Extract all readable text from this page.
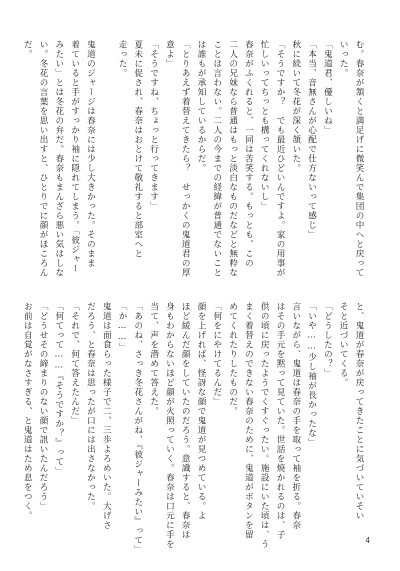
む。春奈が頷くと満足げに微笑んで集団の中へと戻って
いった。
「鬼道君、優しいね」
「本当、音無さんが心配で仕方ないって感じ」
秋に続いて冬花が深く頷いた。
「そうですか？　でも最近ひどいんですよ。家の用事が
忙しいってちっとも構ってくれないし」
春奈がふくれると、一同は苦笑する。もっとも、この
二人の兄妹なら普通はもっと淡白なものだなどと無粋な
ことは言わない。二人の今までの経緯が普通でないこと
は誰もが承知しているからだ。
「とりあえず着替えてきたら？　せっかくの鬼道君の厚
意よ」
「そうですね、ちょっと行ってきます」
夏未に促され、春奈はおとけて敬礼すると部室へと
走った。

鬼道のジャージは春奈には少し大きかった。そのまま
着ていると手がすっかり袖に隠れてしまう。「彼ジャー
みたい」とは冬花の弁だ。春奈もまんざら悪い気はしな
い。冬花の言葉を思い出すと、ひとりでに顔がほころん
だ。
と、鬼道が春奈が戻ってきたことに気づいていそい
そと近づいてくる。
「どうしたの？」
「いや……少し袖が長かったな」
言いながら、鬼道は春奈の手を取って袖を折る。春奈
はその手元を黙って見ていた。世話を焼かれるのは、子
供の頃に戻ったようでくすぐったい。施設にいた頃は、う
まく着替えのできない春奈のために、鬼道がボタンを留
めてくれたりしたものだ。
「何をにやけてるんだ」
顔を上げれば、怪訝な顔で鬼道が見つめている。よ
ほど緩んだ顔をしていたのだろう。意識すると、春奈は
身もわからないほど顔が火照っていく。春奈は口元に手を
当て、声を潜めて答えた。
「あのね、さっき冬花さんがね、『彼ジャーみたい』って」
「か……」
鬼道は面食らった様子で二、三歩よろめいた。大げさ
だろう、と春奈は思ったが口には出さなかった。
「それで、何て答えたんだ」
「何てって……『そうですか？』って」
「どうせその締まりのない顔で訊いたんだろう」
お前は自覚がなさすぎる、と鬼道はため息をつく。
4
